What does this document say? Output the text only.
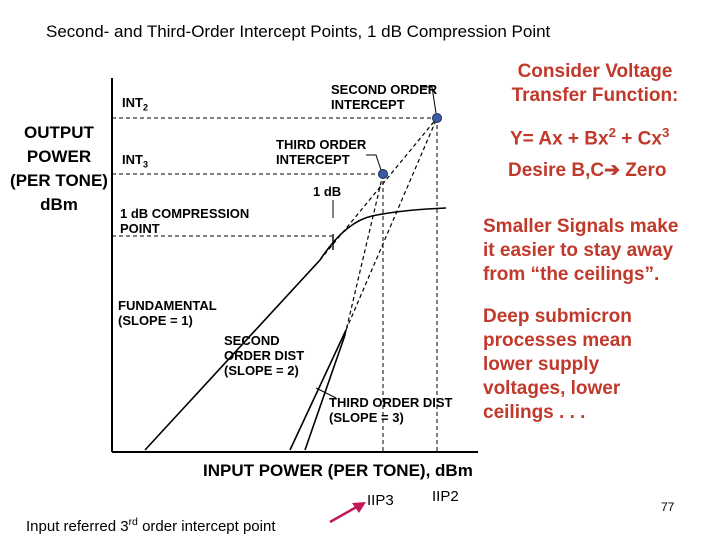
Second- and Third-Order Intercept Points, 1 dB Compression Point
OUTPUT
POWER
(PER TONE)
dBm
$INT_2$
$INT_3$
SECOND ORDER
INTERCEPT
THIRD ORDER
INTERCEPT
1 dB
1 dB COMPRESSION
POINT
FUNDAMENTAL
(SLOPE = 1)
SECOND
ORDER DIST
(SLOPE = 2)
THIRD ORDER DIST
(SLOPE = 3)
INPUT POWER (PER TONE), dBm
IIP3	IIP2
Input referred 3rd order intercept point
77
Consider Voltage
Transfer Function:
$Y= Ax + Bx^2 + Cx^3$
Desire B,C➔ Zero
Smaller Signals make
it easier to stay away
from “the ceilings”.
Deep submicron
processes mean
lower supply
voltages, lower
ceilings . . .
